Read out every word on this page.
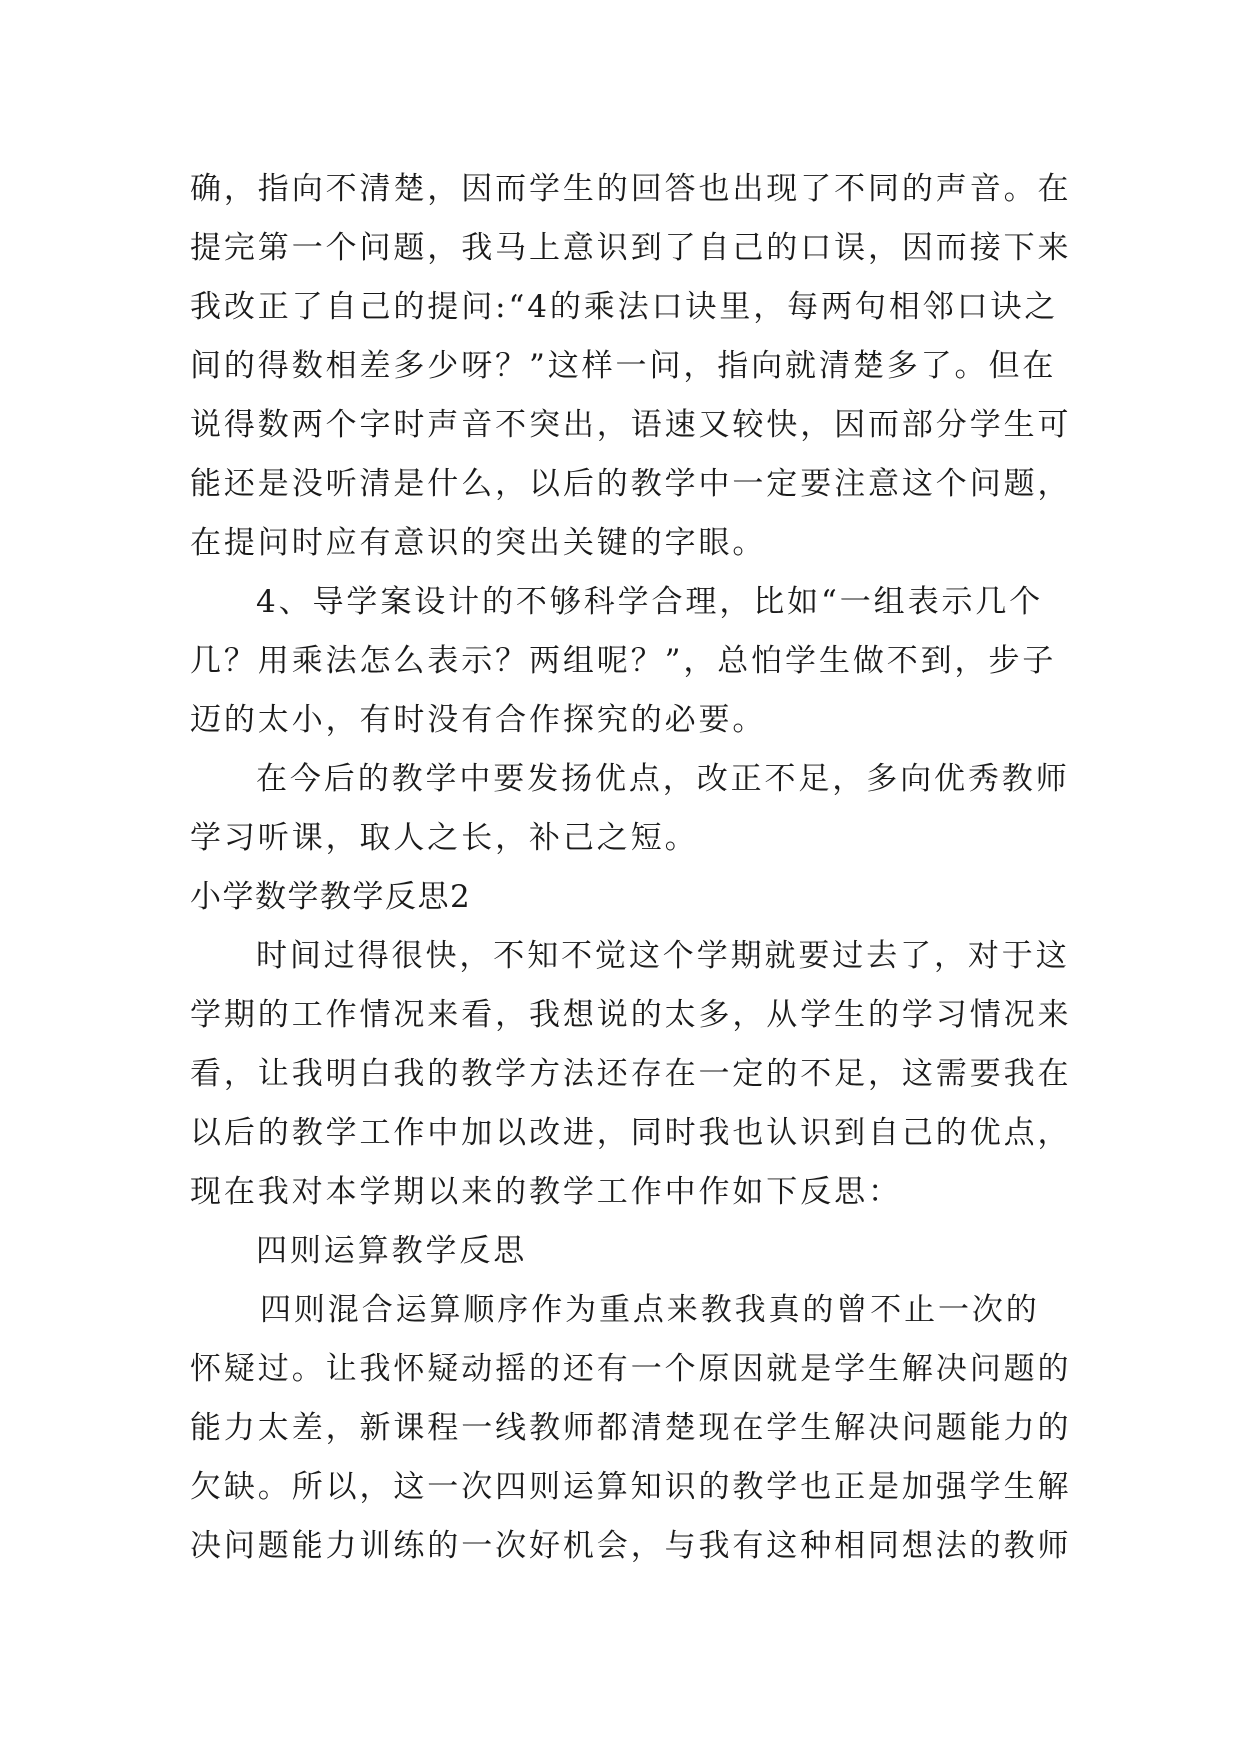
确，指向不清楚，因而学生的回答也出现了不同的声音。在

提完第一个问题，我马上意识到了自己的口误，因而接下来

我改正了自己的提问:“4的乘法口诀里，每两句相邻口诀之

间的得数相差多少呀？”这样一问，指向就清楚多了。但在

说得数两个字时声音不突出，语速又较快，因而部分学生可

能还是没听清是什么，以后的教学中一定要注意这个问题，

在提问时应有意识的突出关键的字眼。

4、导学案设计的不够科学合理，比如“一组表示几个

几？用乘法怎么表示？两组呢？”，总怕学生做不到，步子

迈的太小，有时没有合作探究的必要。

在今后的教学中要发扬优点，改正不足，多向优秀教师

学习听课，取人之长，补己之短。

小学数学教学反思2

时间过得很快，不知不觉这个学期就要过去了，对于这

学期的工作情况来看，我想说的太多，从学生的学习情况来

看，让我明白我的教学方法还存在一定的不足，这需要我在

以后的教学工作中加以改进，同时我也认识到自己的优点，

现在我对本学期以来的教学工作中作如下反思：

四则运算教学反思

四则混合运算顺序作为重点来教我真的曾不止一次的

怀疑过。让我怀疑动摇的还有一个原因就是学生解决问题的

能力太差，新课程一线教师都清楚现在学生解决问题能力的

欠缺。所以，这一次四则运算知识的教学也正是加强学生解

决问题能力训练的一次好机会，与我有这种相同想法的教师
